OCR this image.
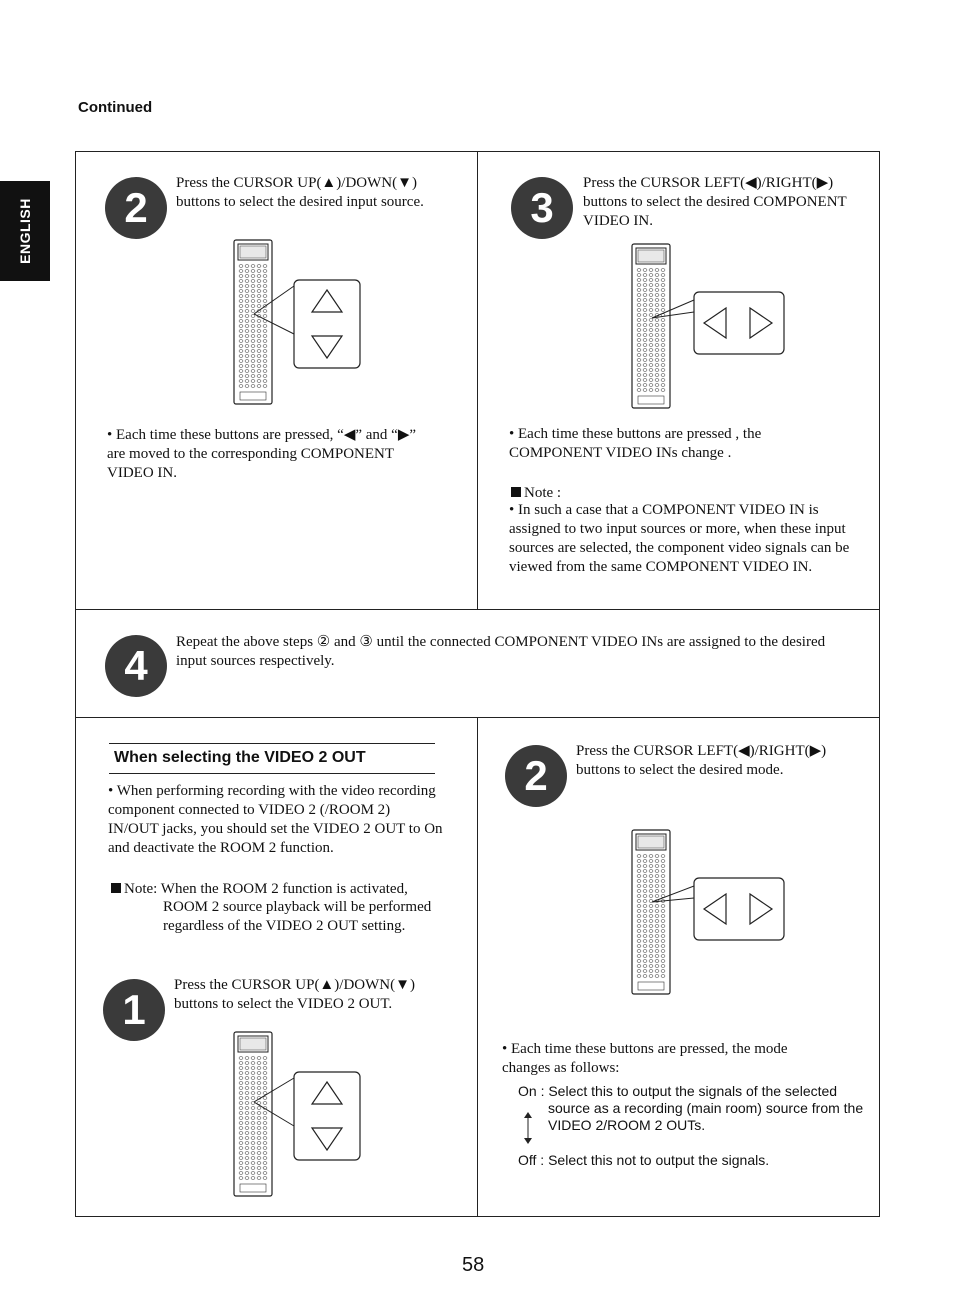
Continued
ENGLISH	2
Press the CURSOR UP(▲)/DOWN(▼) buttons to select the desired input source.
• Each time these buttons are pressed, “◀” and “▶” are moved to the corresponding COMPONENT VIDEO IN.
3
Press the CURSOR LEFT(◀)/RIGHT(▶) buttons to select the desired COMPONENT VIDEO IN.
• Each time these buttons are pressed , the COMPONENT VIDEO INs change .
Note :
• In such a case that a COMPONENT VIDEO IN is assigned to two input sources or more, when these input sources are selected, the component video signals can be viewed from the same COMPONENT VIDEO IN.
4	Repeat the above steps ② and ③ until the connected COMPONENT VIDEO INs are assigned to the desired input sources respectively.
When selecting the VIDEO 2 OUT
• When performing recording with the video recording component connected to VIDEO 2 (/ROOM 2) IN/OUT jacks, you should set the VIDEO 2 OUT to On and deactivate the ROOM 2 function.
Note: When the ROOM 2 function is activated,
ROOM 2 source playback will be performed regardless of the VIDEO 2 OUT setting.
1
Press the CURSOR UP(▲)/DOWN(▼) buttons to select the VIDEO 2 OUT.
2
Press the CURSOR LEFT(◀)/RIGHT(▶) buttons to select the desired mode.
• Each time these buttons are pressed, the mode changes as follows:
On : Select this to output the signals of the selected source as a recording (main room) source from the VIDEO 2/ROOM 2 OUTs.
Off : Select this not to output the signals.
58
